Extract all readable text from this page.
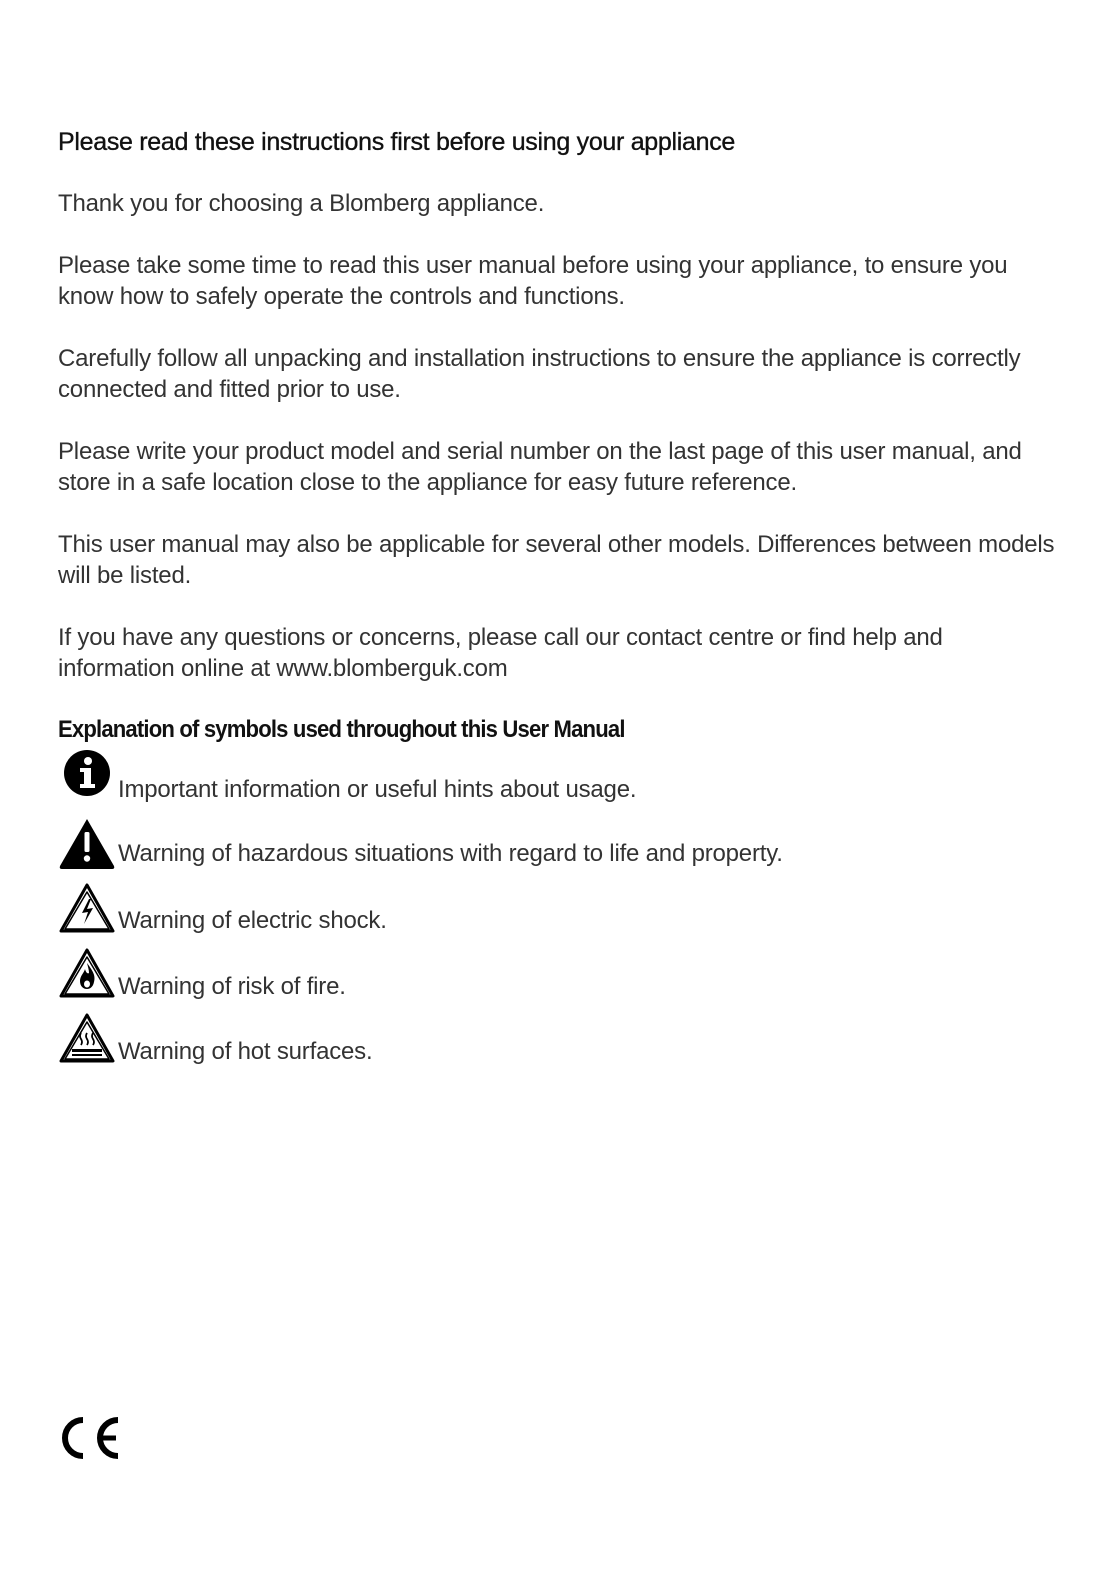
Please read these instructions first before using your appliance

Thank you for choosing a Blomberg appliance.

Please take some time to read this user manual before using your appliance, to ensure you know how to safely operate the controls and functions.

Carefully follow all unpacking and installation instructions to ensure the appliance is correctly connected and fitted prior to use.

Please write your product model and serial number on the last page of this user manual, and store in a safe location close to the appliance for easy future reference.

This user manual may also be applicable for several other models. Differences between models will be listed.

If you have any questions or concerns, please call our contact centre or find help and information online at www.blomberguk.com

Explanation of symbols used throughout this User Manual
Important information or useful hints about usage.
Warning of hazardous situations with regard to life and property.
Warning of electric shock.
Warning of risk of fire.
Warning of hot surfaces.
